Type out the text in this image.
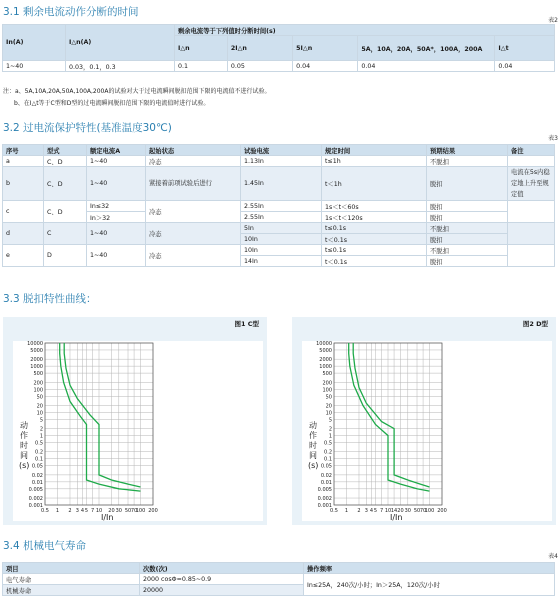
3.1 剩余电流动作分断的时间
表2
In(A)	I△n(A)	剩余电流等于下列值时分断时间(s)				
		I△n	2I△n	5I△n	5A，10A，20A，50A*，100A，200A	I△t
1~40	0.03，0.1，0.3	0.1	0.05	0.04	0.04	0.04
注：a、5A,10A,20A,50A,100A,200A的试验对大于过电流瞬间脱扣范围下限的电流值不进行试验。
b、在I△t等于C型和D型的过电流瞬间脱扣范围下限的电流值时进行试验。
3.2 过电流保护特性(基准温度30℃)
表3
序号	型式	额定电流A	起始状态	试验电流	规定时间	预期结果	备注
a	C、D	1~40	冷态	1.13In	t≤1h	不脱扣	
b	C、D	1~40	紧接着前项试验后进行	1.45In	t＜1h	脱扣	电流在5s内稳定地上升至规定值
c	C、D	In≤32	冷态	2.55In	1s＜t＜60s	脱扣	
		In＞32		2.55In	1s＜t＜120s	脱扣	
d	C	1~40	冷态	5In	t≤0.1s	不脱扣	
				10In	t＜0.1s	脱扣	
e	D	1~40	冷态	10In	t≤0.1s	不脱扣	
				14In	t＜0.1s	脱扣	
3.3 脱扣特性曲线：
图1 C型
动作时间(s)
10000
5000
2000
1000
500
200
100
50
20
10
5
2
1
0.5
0.2
0.1
0.05
0.02
0.01
0.005
0.002
0.001
0.5 1 2 3 4 5 7 10 20 30 50 70
100 200
I/In
图2 D型
动作时间(s)
10000
5000
2000
1000
500
200
100
50
20
10
5
2
1
0.5
0.2
0.1
0.05
0.02
0.01
0.005
0.002
0.001
0.5 1 2 3 4 5 7 10 14 20 30 50 70
100 200
I/In
3.4 机械电气寿命
表4
项目	次数(次)	操作频率
电气寿命	2000 cosΦ=0.85~0.9	In≤25A，240次/小时；In＞25A，120次/小时
机械寿命	20000	
